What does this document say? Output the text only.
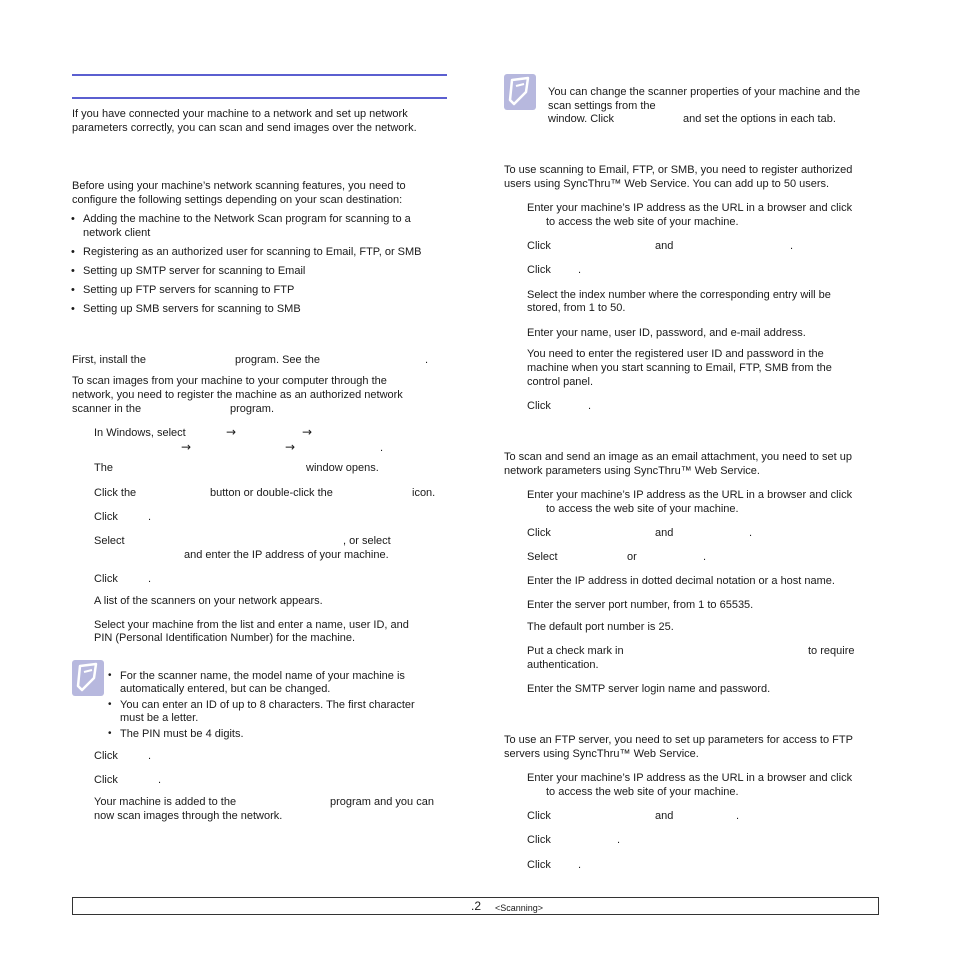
If you have connected your machine to a network and set up network
parameters correctly, you can scan and send images over the network.
Before using your machine’s network scanning features, you need to
configure the following settings depending on your scan destination:
• Adding the machine to the Network Scan program for scanning to a
network client
• Registering as an authorized user for scanning to Email, FTP, or SMB
• Setting up SMTP server for scanning to Email
• Setting up FTP servers for scanning to FTP
• Setting up SMB servers for scanning to SMB
First, install the	program. See the	.
To scan images from your machine to your computer through the
network, you need to register the machine as an authorized network
scanner in the	program.
In Windows, select	→	→
→	→	.
The	window opens.
Click the	button or double-click the	icon.
Click	.
Select	, or select
and enter the IP address of your machine.
Click	.
A list of the scanners on your network appears.
Select your machine from the list and enter a name, user ID, and
PIN (Personal Identification Number) for the machine.
• For the scanner name, the model name of your machine is
automatically entered, but can be changed.
• You can enter an ID of up to 8 characters. The first character
must be a letter.
• The PIN must be 4 digits.
Click	.
Click	.
Your machine is added to the	program and you can
now scan images through the network.
You can change the scanner properties of your machine and the
scan settings from the
window. Click	and set the options in each tab.
To use scanning to Email, FTP, or SMB, you need to register authorized
users using SyncThru™ Web Service. You can add up to 50 users.
Enter your machine’s IP address as the URL in a browser and click
to access the web site of your machine.
Click	and	.
Click .
Select the index number where the corresponding entry will be
stored, from 1 to 50.
Enter your name, user ID, password, and e-mail address.
You need to enter the registered user ID and password in the
machine when you start scanning to Email, FTP, SMB from the
control panel.
Click	.
To scan and send an image as an email attachment, you need to set up
network parameters using SyncThru™ Web Service.
Enter your machine’s IP address as the URL in a browser and click
to access the web site of your machine.
Click	and	.
Select	or	.
Enter the IP address in dotted decimal notation or a host name.
Enter the server port number, from 1 to 65535.
The default port number is 25.
Put a check mark in	to require
authentication.
Enter the SMTP server login name and password.
To use an FTP server, you need to set up parameters for access to FTP
servers using SyncThru™ Web Service.
Enter your machine’s IP address as the URL in a browser and click
to access the web site of your machine.
Click	and	.
Click	.
Click .
.2 <Scanning>
